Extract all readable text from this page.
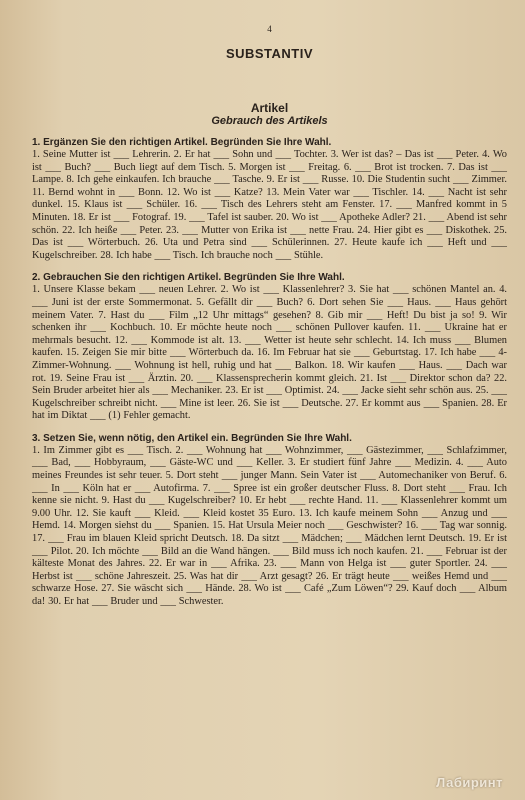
4
SUBSTANTIV
Artikel
Gebrauch des Artikels
1. Ergänzen Sie den richtigen Artikel. Begründen Sie Ihre Wahl.

1. Seine Mutter ist ___ Lehrerin. 2. Er hat ___ Sohn und ___ Tochter. 3. Wer ist das? – Das ist ___ Peter. 4. Wo ist ___ Buch? ___ Buch liegt auf dem Tisch. 5. Morgen ist ___ Freitag. 6. ___ Brot ist trocken. 7. Das ist ___ Lampe. 8. Ich gehe einkaufen. Ich brauche ___ Tasche. 9. Er ist ___ Russe. 10. Die Studentin sucht ___ Zimmer. 11. Bernd wohnt in ___ Bonn. 12. Wo ist ___ Katze? 13. Mein Vater war ___ Tischler. 14. ___ Nacht ist sehr dunkel. 15. Klaus ist ___ Schüler. 16. ___ Tisch des Lehrers steht am Fenster. 17. ___ Manfred kommt in 5 Minuten. 18. Er ist ___ Fotograf. 19. ___ Tafel ist sauber. 20. Wo ist ___ Apotheke Adler? 21. ___ Abend ist sehr schön. 22. Ich heiße ___ Peter. 23. ___ Mutter von Erika ist ___ nette Frau. 24. Hier gibt es ___ Diskothek. 25. Das ist ___ Wörterbuch. 26. Uta und Petra sind ___ Schülerinnen. 27. Heute kaufe ich ___ Heft und ___ Kugelschreiber. 28. Ich habe ___ Tisch. Ich brauche noch ___ Stühle.

2. Gebrauchen Sie den richtigen Artikel. Begründen Sie Ihre Wahl.

1. Unsere Klasse bekam ___ neuen Lehrer. 2. Wo ist ___ Klassenlehrer? 3. Sie hat ___ schönen Mantel an. 4. ___ Juni ist der erste Sommermonat. 5. Gefällt dir ___ Buch? 6. Dort sehen Sie ___ Haus. ___ Haus gehört meinem Vater. 7. Hast du ___ Film „12 Uhr mittags“ gesehen? 8. Gib mir ___ Heft! Du bist ja so! 9. Wir schenken ihr ___ Kochbuch. 10. Er möchte heute noch ___ schönen Pullover kaufen. 11. ___ Ukraine hat er mehrmals besucht. 12. ___ Kommode ist alt. 13. ___ Wetter ist heute sehr schlecht. 14. Ich muss ___ Blumen kaufen. 15. Zeigen Sie mir bitte ___ Wörterbuch da. 16. Im Februar hat sie ___ Geburtstag. 17. Ich habe ___ 4-Zimmer-Wohnung. ___ Wohnung ist hell, ruhig und hat ___ Balkon. 18. Wir kaufen ___ Haus. ___ Dach war rot. 19. Seine Frau ist ___ Ärztin. 20. ___ Klassensprecherin kommt gleich. 21. Ist ___ Direktor schon da? 22. Sein Bruder arbeitet hier als ___ Mechaniker. 23. Er ist ___ Optimist. 24. ___ Jacke sieht sehr schön aus. 25. ___ Kugelschreiber schreibt nicht. ___ Mine ist leer. 26. Sie ist ___ Deutsche. 27. Er kommt aus ___ Spanien. 28. Er hat im Diktat ___ (1) Fehler gemacht.

3. Setzen Sie, wenn nötig, den Artikel ein. Begründen Sie Ihre Wahl.

1. Im Zimmer gibt es ___ Tisch. 2. ___ Wohnung hat ___ Wohnzimmer, ___ Gästezimmer, ___ Schlafzimmer, ___ Bad, ___ Hobbyraum, ___ Gäste-WC und ___ Keller. 3. Er studiert fünf Jahre ___ Medizin. 4. ___ Auto meines Freundes ist sehr teuer. 5. Dort steht ___ junger Mann. Sein Vater ist ___ Automechaniker von Beruf. 6. ___ In ___ Köln hat er ___ Autofirma. 7. ___ Spree ist ein großer deutscher Fluss. 8. Dort steht ___ Frau. Ich kenne sie nicht. 9. Hast du ___ Kugelschreiber? 10. Er hebt ___ rechte Hand. 11. ___ Klassenlehrer kommt um 9.00 Uhr. 12. Sie kauft ___ Kleid. ___ Kleid kostet 35 Euro. 13. Ich kaufe meinem Sohn ___ Anzug und ___ Hemd. 14. Morgen siehst du ___ Spanien. 15. Hat Ursula Meier noch ___ Geschwister? 16. ___ Tag war sonnig. 17. ___ Frau im blauen Kleid spricht Deutsch. 18. Da sitzt ___ Mädchen; ___ Mädchen lernt Deutsch. 19. Er ist ___ Pilot. 20. Ich möchte ___ Bild an die Wand hängen. ___ Bild muss ich noch kaufen. 21. ___ Februar ist der kälteste Monat des Jahres. 22. Er war in ___ Afrika. 23. ___ Mann von Helga ist ___ guter Sportler. 24. ___ Herbst ist ___ schöne Jahreszeit. 25. Was hat dir ___ Arzt gesagt? 26. Er trägt heute ___ weißes Hemd und ___ schwarze Hose. 27. Sie wäscht sich ___ Hände. 28. Wo ist ___ Café „Zum Löwen“? 29. Kauf doch ___ Album da! 30. Er hat ___ Bruder und ___ Schwester.

Лабиринт
